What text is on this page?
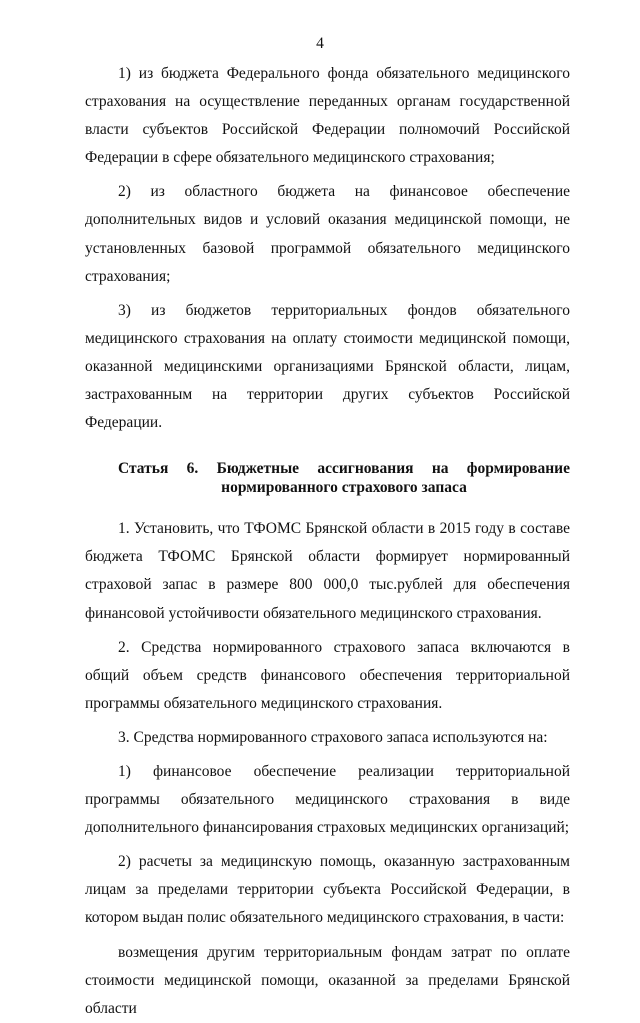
4

1) из бюджета Федерального фонда обязательного медицинского страхования на осуществление переданных органам государственной власти субъектов Российской Федерации полномочий Российской Федерации в сфере обязательного медицинского страхования;

2) из областного бюджета на финансовое обеспечение дополнительных видов и условий оказания медицинской помощи, не установленных базовой программой обязательного медицинского страхования;

3) из бюджетов территориальных фондов обязательного медицинского страхования на оплату стоимости медицинской помощи, оказанной медицинскими организациями Брянской области, лицам, застрахованным на территории других субъектов Российской Федерации.

Статья 6. Бюджетные ассигнования на формирование нормированного страхового запаса

1. Установить, что ТФОМС Брянской области в 2015 году в составе бюджета ТФОМС Брянской области формирует нормированный страховой запас в размере 800 000,0 тыс.рублей для обеспечения финансовой устойчивости обязательного медицинского страхования.

2. Средства нормированного страхового запаса включаются в общий объем средств финансового обеспечения территориальной программы обязательного медицинского страхования.

3. Средства нормированного страхового запаса используются на:

1) финансовое обеспечение реализации территориальной программы обязательного медицинского страхования в виде дополнительного финансирования страховых медицинских организаций;

2) расчеты за медицинскую помощь, оказанную застрахованным лицам за пределами территории субъекта Российской Федерации, в котором выдан полис обязательного медицинского страхования, в части:

возмещения другим территориальным фондам затрат по оплате стоимости медицинской помощи, оказанной за пределами Брянской области
